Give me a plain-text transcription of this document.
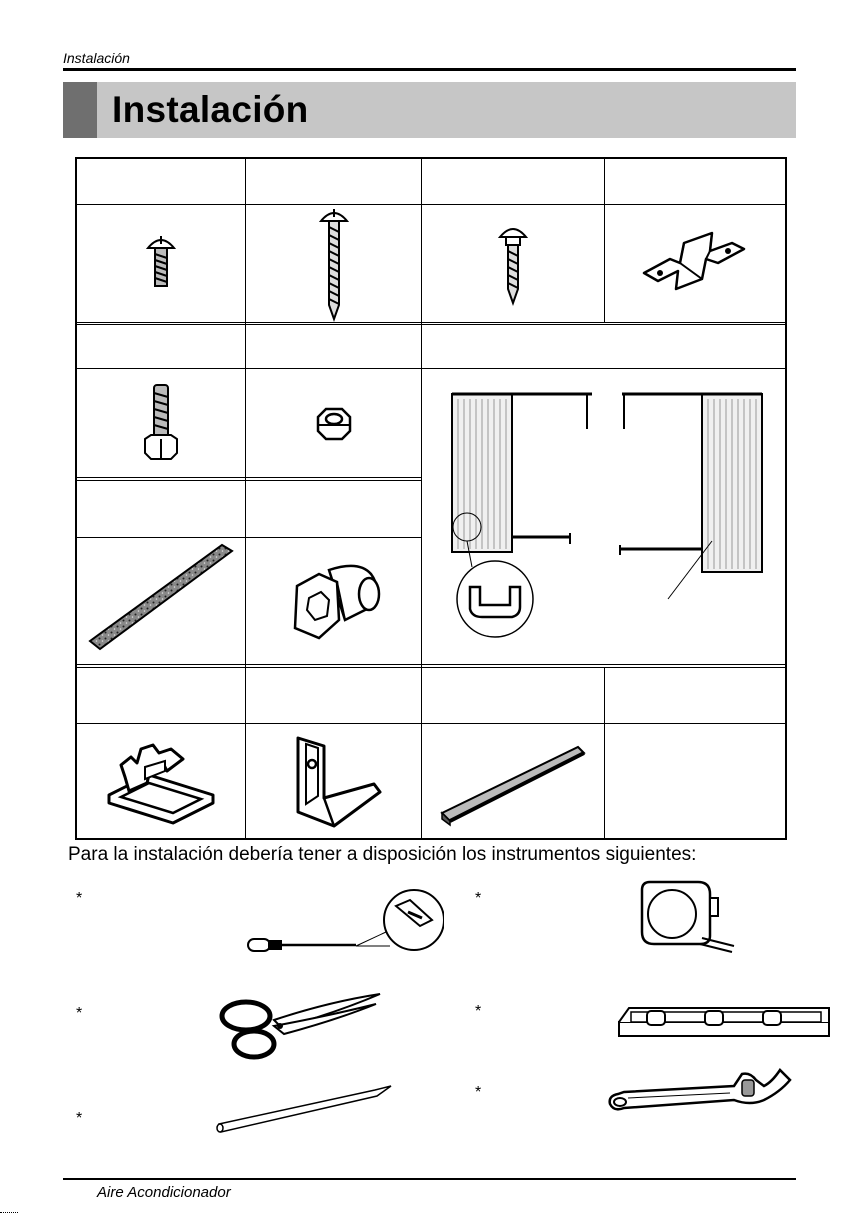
Instalación
Instalación
Para la instalación debería tener a disposición los instrumentos siguientes:
*	*
*	*
*
*
Aire Acondicionador
